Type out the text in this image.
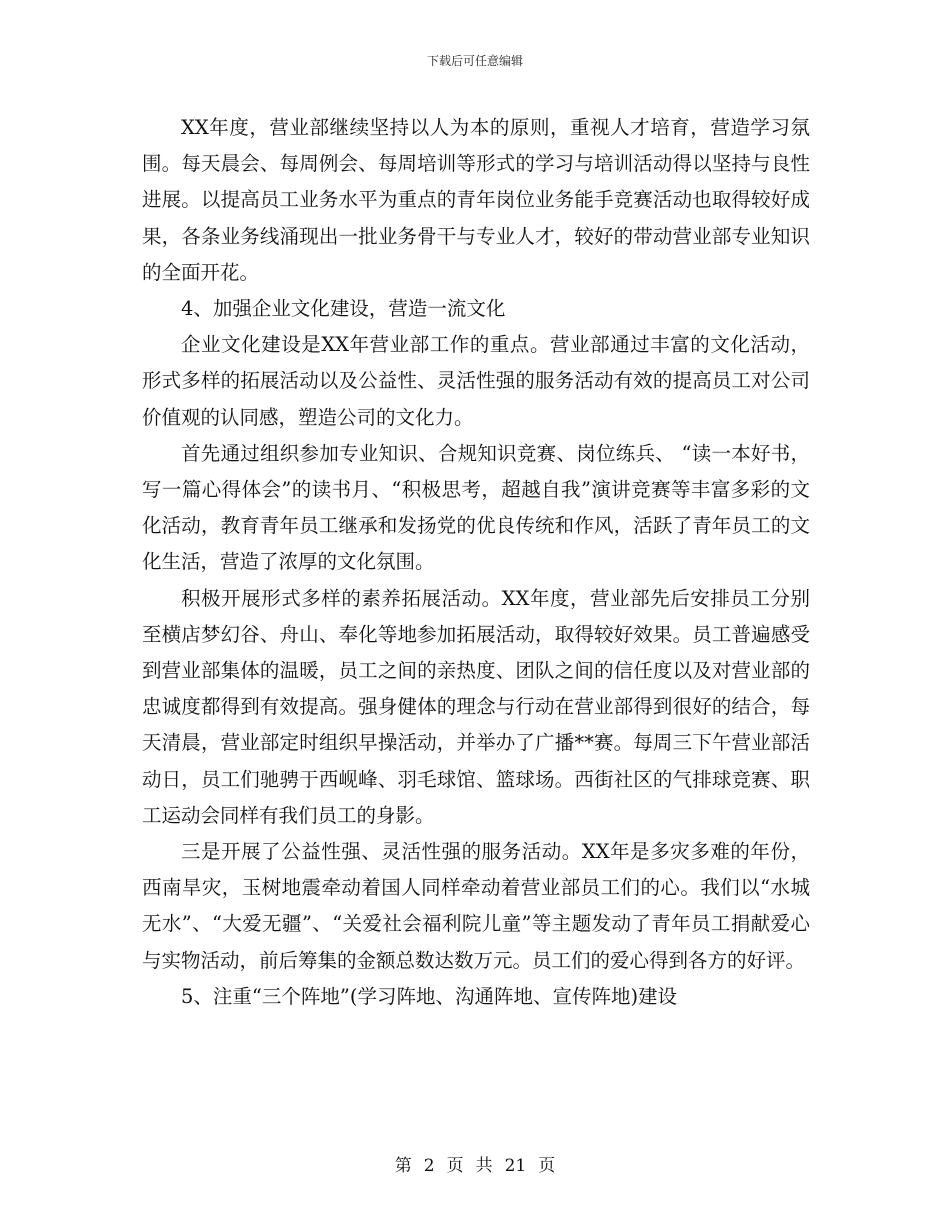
下载后可任意编辑

XX年度，营业部继续坚持以人为本的原则，重视人才培育，营造学习氛围。每天晨会、每周例会、每周培训等形式的学习与培训活动得以坚持与良性进展。以提高员工业务水平为重点的青年岗位业务能手竞赛活动也取得较好成果，各条业务线涌现出一批业务骨干与专业人才，较好的带动营业部专业知识的全面开花。

4、加强企业文化建设，营造一流文化

企业文化建设是XX年营业部工作的重点。营业部通过丰富的文化活动，形式多样的拓展活动以及公益性、灵活性强的服务活动有效的提高员工对公司价值观的认同感，塑造公司的文化力。

首先通过组织参加专业知识、合规知识竞赛、岗位练兵、 “读一本好书，写一篇心得体会”的读书月、“积极思考，超越自我”演讲竞赛等丰富多彩的文化活动，教育青年员工继承和发扬党的优良传统和作风，活跃了青年员工的文化生活，营造了浓厚的文化氛围。

积极开展形式多样的素养拓展活动。XX年度，营业部先后安排员工分别至横店梦幻谷、舟山、奉化等地参加拓展活动，取得较好效果。员工普遍感受到营业部集体的温暖，员工之间的亲热度、团队之间的信任度以及对营业部的忠诚度都得到有效提高。强身健体的理念与行动在营业部得到很好的结合，每天清晨，营业部定时组织早操活动，并举办了广播**赛。每周三下午营业部活动日，员工们驰骋于西岘峰、羽毛球馆、篮球场。西街社区的气排球竞赛、职工运动会同样有我们员工的身影。

三是开展了公益性强、灵活性强的服务活动。XX年是多灾多难的年份，西南旱灾，玉树地震牵动着国人同样牵动着营业部员工们的心。我们以“水城无水”、“大爱无疆”、“关爱社会福利院儿童”等主题发动了青年员工捐献爱心与实物活动，前后筹集的金额总数达数万元。员工们的爱心得到各方的好评。

5、注重“三个阵地”(学习阵地、沟通阵地、宣传阵地)建设

第 2 页 共 21 页
